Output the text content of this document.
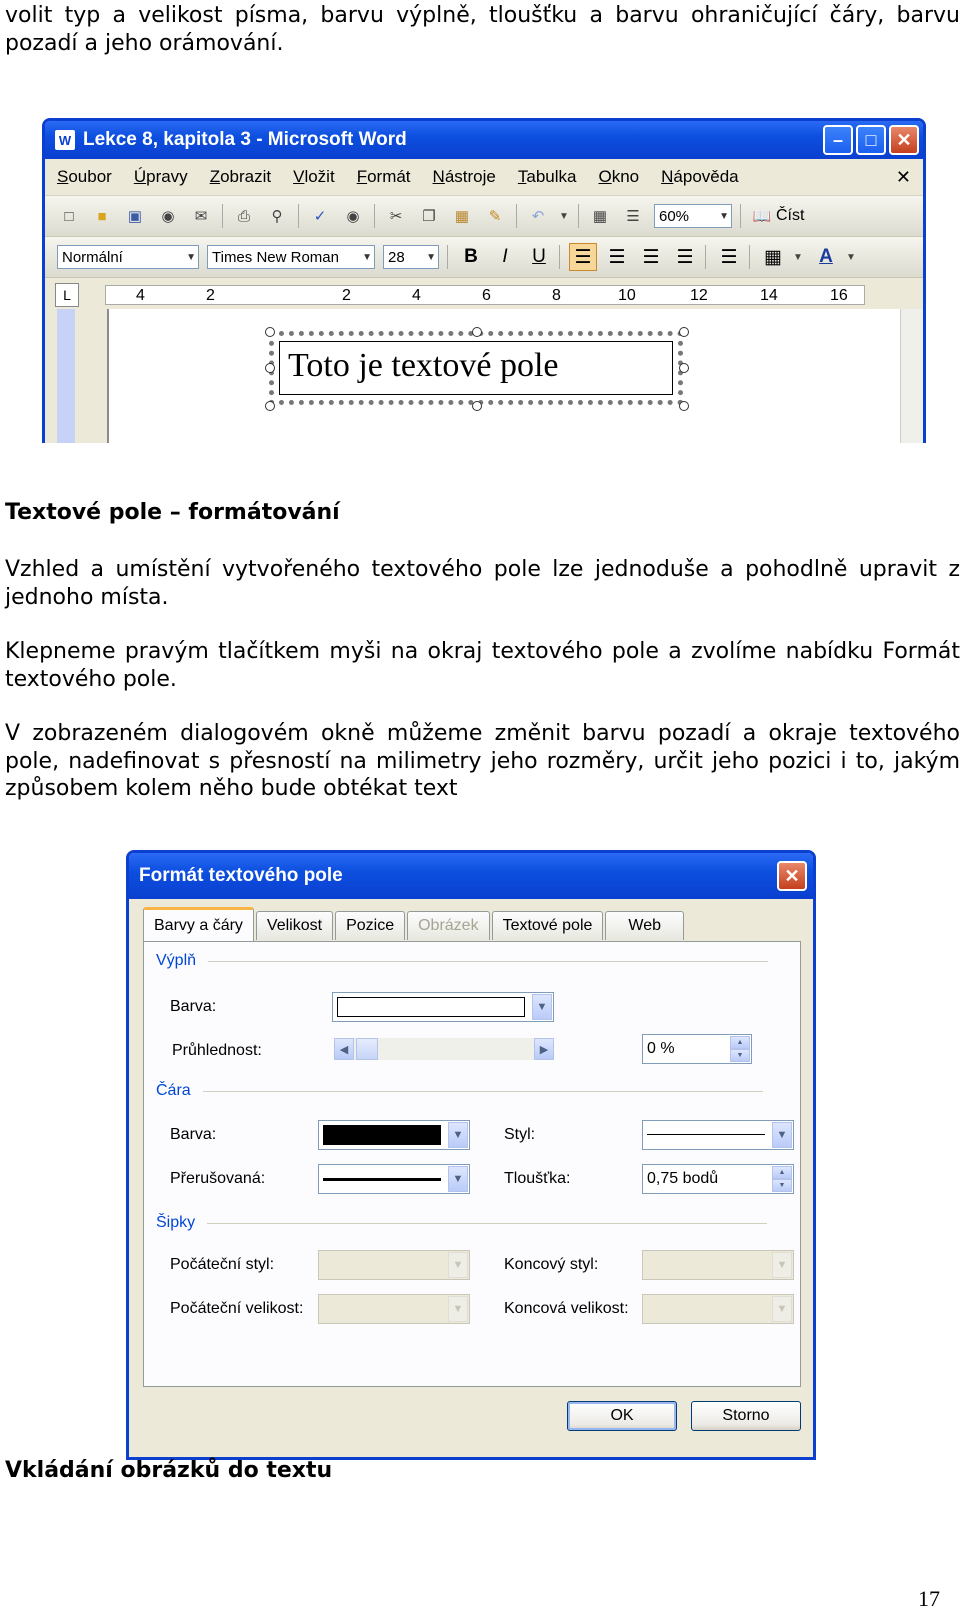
volit typ a velikost písma, barvu výplně, tloušťku a barvu ohraničující čáry, barvu pozadí a jeho orámování.

W Lekce 8, kapitola 3 - Microsoft Word	–	□	✕
Soubor Úpravy Zobrazit Vložit Formát Nástroje Tabulka Okno Nápověda	✕
□	■	▣	◉	✉	⎙	⚲	✓	◉	✂	❐	▦	✎	↶	▼	▦	☰	60%	▼ 📖 Číst
Normální	▼ Times New Roman ▼ 28 ▼	B	I	U	☰ ☰ ☰ ☰ ☰ ▦	▼ A	▼
L	4	2	2	4	6	8	10	12	14	16
Toto je textové pole
Textové pole – formátování

Vzhled a umístění vytvořeného textového pole lze jednoduše a pohodlně upravit z jednoho místa.

Klepneme pravým tlačítkem myši na okraj textového pole a zvolíme nabídku Formát textového pole.

V zobrazeném dialogovém okně můžeme změnit barvu pozadí a okraje textového pole, nadefinovat s přesností na milimetry jeho rozměry, určit jeho pozici i to, jakým způsobem kolem něho bude obtékat text

Formát textového pole	✕
Barvy a čáry	Velikost	Pozice	Obrázek	Textové pole	Web
Výplň
Barva:	▼
Průhlednost:	◀	▶	0 %	▲
▼
Čára
Barva:	▼	Styl:	▼
Přerušovaná:	▼	Tloušťka:	0,75 bodů	▲
▼
Šipky
Počáteční styl:	▼	Koncový styl:	▼
Počáteční velikost:	▼	Koncová velikost:	▼
OK	Storno
Vkládání obrázků do textu
17
